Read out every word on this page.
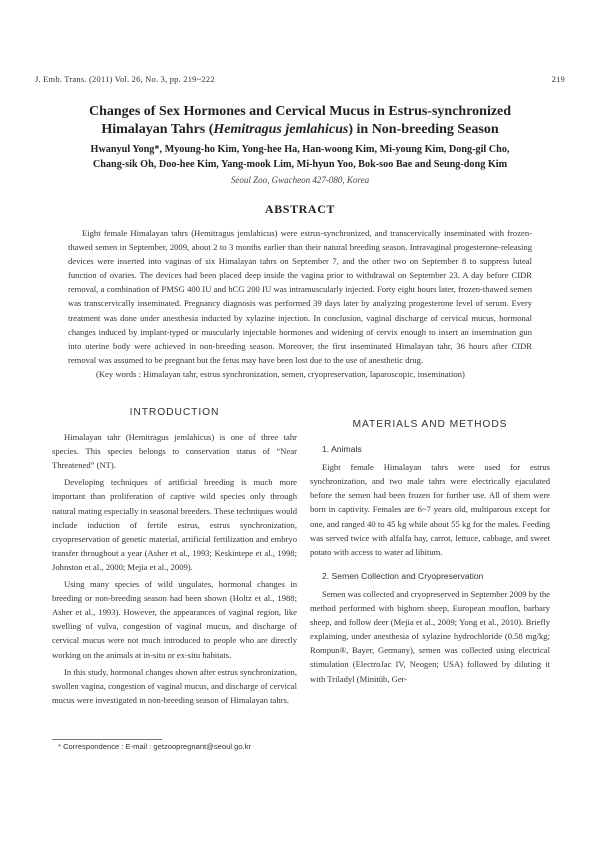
J. Emb. Trans. (2011) Vol. 26, No. 3, pp. 219~222	219
Changes of Sex Hormones and Cervical Mucus in Estrus-synchronized
Himalayan Tahrs (Hemitragus jemlahicus) in Non-breeding Season
Hwanyul Yong*, Myoung-ho Kim, Yong-hee Ha, Han-woong Kim, Mi-young Kim, Dong-gil Cho,
Chang-sik Oh, Doo-hee Kim, Yang-mook Lim, Mi-hyun Yoo, Bok-soo Bae and Seung-dong Kim
Seoul Zoo, Gwacheon 427-080, Korea
ABSTRACT

Eight female Himalayan tahrs (Hemitragus jemlahicus) were estrus-synchronized, and transcervically inseminated with frozen-thawed semen in September, 2009, about 2 to 3 months earlier than their natural breeding season. Intravaginal progesterone-releasing devices were inserted into vaginas of six Himalayan tahrs on September 7, and the other two on September 8 to suppress luteal function of ovaries. The devices had been placed deep inside the vagina prior to withdrawal on September 23. A day before CIDR removal, a combination of PMSG 400 IU and hCG 200 IU was intramuscularly injected. Forty eight hours later, frozen-thawed semen was transcervically inseminated. Pregnancy diagnosis was performed 39 days later by analyzing progesterone level of serum. Every treatment was done under anesthesia inducted by xylazine injection. In conclusion, vaginal discharge of cervical mucus, hormonal changes induced by implant-typed or muscularly injectable hormones and widening of cervix enough to insert an insemination gun into uterine body were achieved in non-breeding season. Moreover, the first inseminated Himalayan tahr, 36 hours after CIDR removal was assumed to be pregnant but the fetus may have been lost due to the use of anesthetic drug.

(Key words : Himalayan tahr, estrus synchronization, semen, cryopreservation, laparoscopic, insemination)

INTRODUCTION

Himalayan tahr (Hemitragus jemlahicus) is one of three tahr species. This species belongs to conservation status of “Near Threatened” (NT).

Developing techniques of artificial breeding is much more important than proliferation of captive wild species only through natural mating especially in seasonal breeders. These techniques would include induction of fertile estrus, estrus synchronization, cryopreservation of genetic material, artificial fertilization and embryo transfer throughout a year (Asher et al., 1993; Keskintepe et al., 1998; Johnston et al., 2000; Mejia et al., 2009).

Using many species of wild ungulates, hormonal changes in breeding or non-breeding season had been shown (Holtz et al., 1988; Asher et al., 1993). However, the appearances of vaginal region, like swelling of vulva, congestion of vaginal mucus, and discharge of cervical mucus were not much introduced to people who are directly working on the animals at in-situ or ex-situ habitats.

In this study, hormonal changes shown after estrus synchronization, swollen vagina, congestion of vaginal mucus, and discharge of cervical mucus were investigated in non-breeding season of Himalayan tahrs.

MATERIALS AND METHODS
1. Animals

Eight female Himalayan tahrs were used for estrus synchronization, and two male tahrs were electrically ejaculated before the semen had been frozen for further use. All of them were born in captivity. Females are 6~7 years old, multiparous except for one, and ranged 40 to 45 kg while about 55 kg for the males. Feeding was served twice with alfalfa hay, carrot, lettuce, cabbage, and sweet potato with access to water ad libitum.

2. Semen Collection and Cryopreservation

Semen was collected and cryopreserved in September 2009 by the method performed with bighorn sheep, European mouflon, barbary sheep, and follow deer (Mejia et al., 2009; Yong et al., 2010). Briefly explaining, under anesthesia of xylazine hydrochloride (0.58 mg/kg; Rompun®, Bayer, Germany), semen was collected using electrical stimulation (ElectroJac IV, Neogen; USA) followed by diluting it with Triladyl (Minitüb, Ger-

* Correspondence : E-mail : getzoopregnant@seoul.go.kr
